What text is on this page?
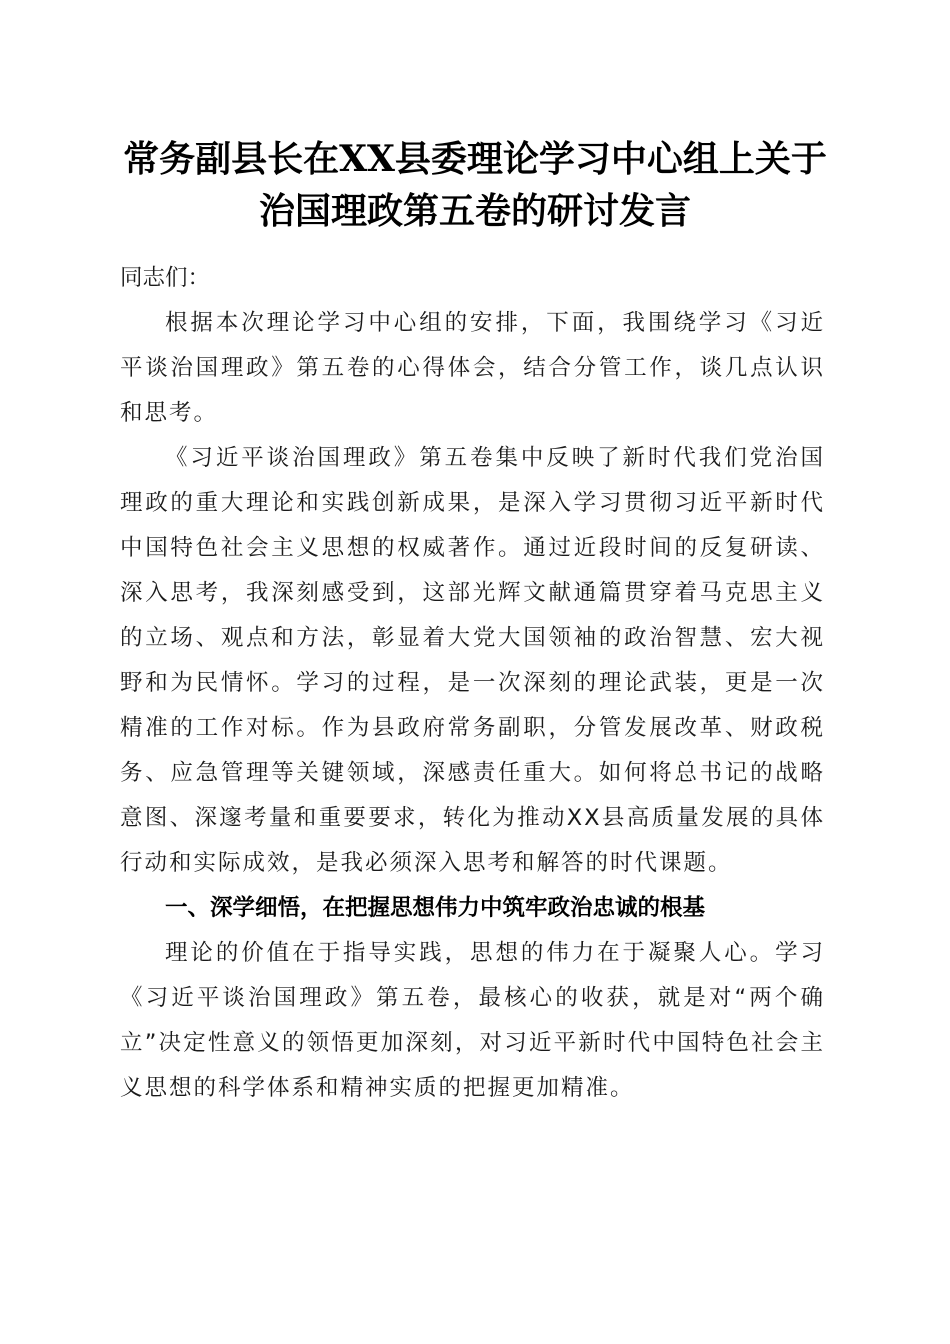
常务副县长在XX县委理论学习中心组上关于
治国理政第五卷的研讨发言

同志们：

根据本次理论学习中心组的安排，下面，我围绕学习《习近平谈治国理政》第五卷的心得体会，结合分管工作，谈几点认识和思考。

《习近平谈治国理政》第五卷集中反映了新时代我们党治国理政的重大理论和实践创新成果，是深入学习贯彻习近平新时代中国特色社会主义思想的权威著作。通过近段时间的反复研读、深入思考，我深刻感受到，这部光辉文献通篇贯穿着马克思主义的立场、观点和方法，彰显着大党大国领袖的政治智慧、宏大视野和为民情怀。学习的过程，是一次深刻的理论武装，更是一次精准的工作对标。作为县政府常务副职，分管发展改革、财政税务、应急管理等关键领域，深感责任重大。如何将总书记的战略意图、深邃考量和重要要求，转化为推动XX县高质量发展的具体行动和实际成效，是我必须深入思考和解答的时代课题。

一、深学细悟，在把握思想伟力中筑牢政治忠诚的根基

理论的价值在于指导实践，思想的伟力在于凝聚人心。学习《习近平谈治国理政》第五卷，最核心的收获，就是对“两个确立”决定性意义的领悟更加深刻，对习近平新时代中国特色社会主义思想的科学体系和精神实质的把握更加精准。
